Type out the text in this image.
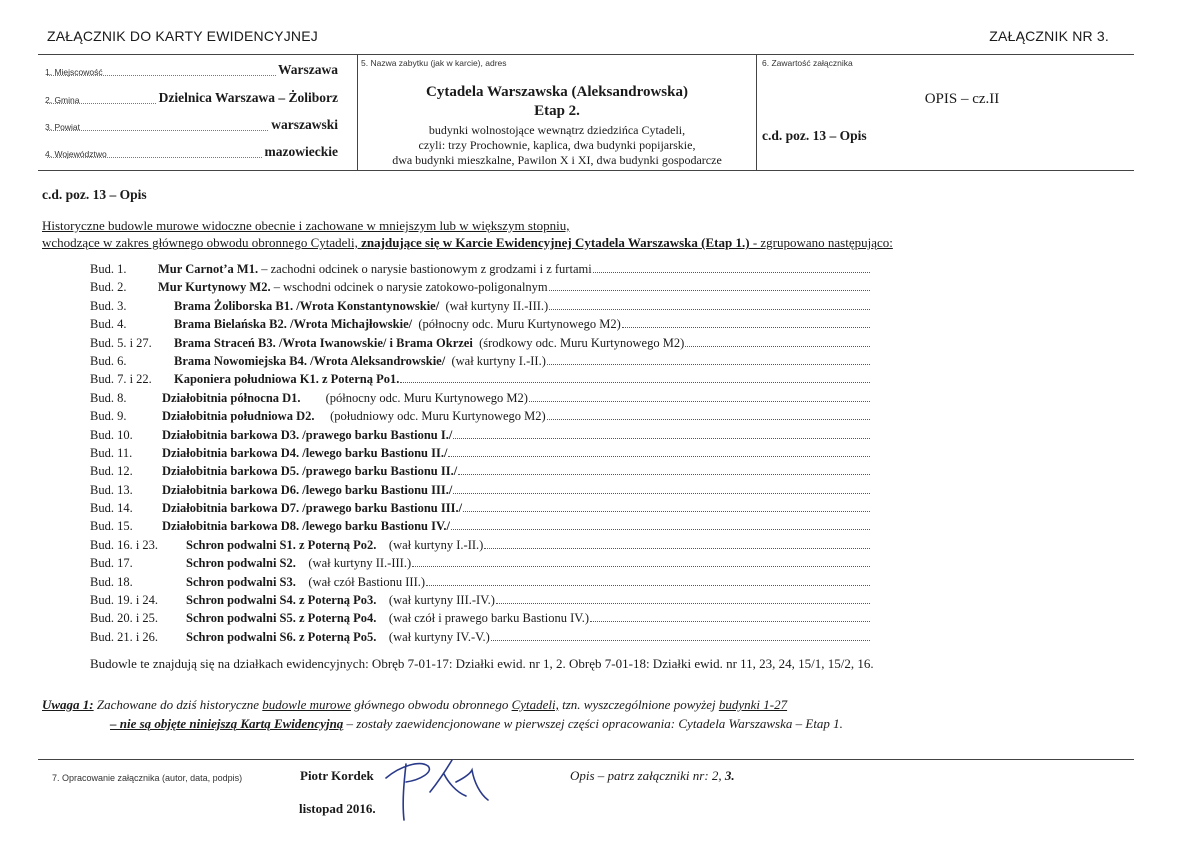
ZAŁĄCZNIK DO KARTY EWIDENCYJNEJ	ZAŁĄCZNIK NR 3.
1. Miejscowość	Warszawa
2. Gmina	Dzielnica Warszawa – Żoliborz
3. Powiat	warszawski
4. Województwo	mazowieckie
5. Nazwa zabytku (jak w karcie), adres
Cytadela Warszawska (Aleksandrowska)
Etap 2.
budynki wolnostojące wewnątrz dziedzińca Cytadeli,
czyli: trzy Prochownie, kaplica, dwa budynki popijarskie,
dwa budynki mieszkalne, Pawilon X i XI, dwa budynki gospodarcze
6. Zawartość załącznika
OPIS – cz.II
c.d. poz. 13 – Opis
c.d. poz. 13 – Opis
Historyczne budowle murowe widoczne obecnie i zachowane w mniejszym lub w większym stopniu,
wchodzące w zakres głównego obwodu obronnego Cytadeli, znajdujące się w Karcie Ewidencyjnej Cytadela Warszawska (Etap 1.) - zgrupowano następująco:
Bud. 1.	Mur Carnot’a M1. – zachodni odcinek o narysie bastionowym z grodzami i z furtami
Bud. 2.	Mur Kurtynowy M2. – wschodni odcinek o narysie zatokowo-poligonalnym
Bud. 3.	Brama Żoliborska B1. /Wrota Konstantynowskie/  (wał kurtyny II.-III.)
Bud. 4.	Brama Bielańska B2. /Wrota Michajłowskie/  (północny odc. Muru Kurtynowego M2)
Bud. 5. i 27. Brama Straceń B3. /Wrota Iwanowskie/ i Brama Okrzei  (środkowy odc. Muru Kurtynowego M2)
Bud. 6.	Brama Nowomiejska B4. /Wrota Aleksandrowskie/  (wał kurtyny I.-II.)
Bud. 7. i 22. Kaponiera południowa K1. z Poterną Po1.
Bud. 8.	Działobitnia północna D1.        (północny odc. Muru Kurtynowego M2)
Bud. 9.	Działobitnia południowa D2.     (południowy odc. Muru Kurtynowego M2)
Bud. 10. Działobitnia barkowa D3. /prawego barku Bastionu I./
Bud. 11. Działobitnia barkowa D4. /lewego barku Bastionu II./
Bud. 12. Działobitnia barkowa D5. /prawego barku Bastionu II./
Bud. 13. Działobitnia barkowa D6. /lewego barku Bastionu III./
Bud. 14. Działobitnia barkowa D7. /prawego barku Bastionu III./
Bud. 15. Działobitnia barkowa D8. /lewego barku Bastionu IV./
Bud. 16. i 23. Schron podwalni S1. z Poterną Po2.    (wał kurtyny I.-II.)
Bud. 17.	Schron podwalni S2.    (wał kurtyny II.-III.)
Bud. 18.	Schron podwalni S3.    (wał czół Bastionu III.)
Bud. 19. i 24. Schron podwalni S4. z Poterną Po3.    (wał kurtyny III.-IV.)
Bud. 20. i 25. Schron podwalni S5. z Poterną Po4.    (wał czół i prawego barku Bastionu IV.)
Bud. 21. i 26. Schron podwalni S6. z Poterną Po5.    (wał kurtyny IV.-V.)
Budowle te znajdują się na działkach ewidencyjnych: Obręb 7-01-17: Działki ewid. nr 1, 2. Obręb 7-01-18: Działki ewid. nr 11, 23, 24, 15/1, 15/2, 16.
Uwaga 1: Zachowane do dziś historyczne budowle murowe głównego obwodu obronnego Cytadeli, tzn. wyszczególnione powyżej budynki 1-27
– nie są objęte niniejszą Kartą Ewidencyjną – zostały zaewidencjonowane w pierwszej części opracowania: Cytadela Warszawska – Etap 1.
7. Opracowanie załącznika (autor, data, podpis)	Piotr Kordek
listopad 2016.
Opis – patrz załączniki nr: 2, 3.
